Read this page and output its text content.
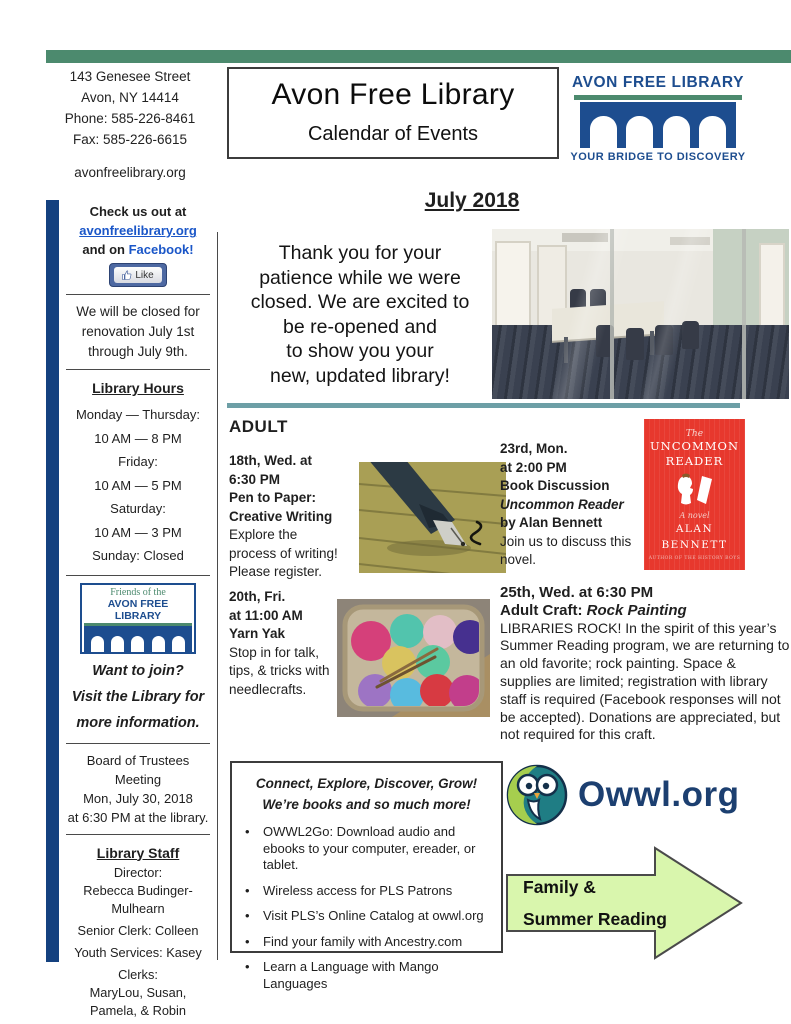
143 Genesee Street
Avon, NY 14414
Phone: 585-226-8461
Fax: 585-226-6615
avonfreelibrary.org
Avon Free Library
Calendar of Events
AVON FREE LIBRARY
YOUR BRIDGE TO DISCOVERY
Check us out at
avonfreelibrary.org
and on Facebook!
Like
We will be closed for
renovation July 1st
through July 9th.
Library Hours
Monday — Thursday:
10 AM — 8 PM
Friday:
10 AM — 5 PM
Saturday:
10 AM — 3 PM
Sunday: Closed
Friends of the
AVON FREE LIBRARY
Want to join?
Visit the Library for
more information.
Board of Trustees Meeting
Mon, July 30, 2018
at 6:30 PM at the library.
Library Staff
Director:
Rebecca Budinger-Mulhearn
Senior Clerk: Colleen
Youth Services: Kasey
Clerks:
MaryLou, Susan,
Pamela, & Robin
July 2018
Thank you for your
patience while we were
closed. We are excited to
be re-opened and
to show you your
new, updated library!
ADULT
18th, Wed. at
6:30 PM
Pen to Paper:
Creative Writing
Explore the
process of writing!
Please register.
23rd, Mon.
at 2:00 PM
Book Discussion
Uncommon Reader
by Alan Bennett
Join us to discuss this novel.
The
UNCOMMON
READER
A novel
ALAN
BENNETT
AUTHOR OF THE HISTORY BOYS
20th, Fri.
at 11:00 AM
Yarn Yak
Stop in for talk, tips, & tricks with needlecrafts.
25th, Wed. at 6:30 PM
Adult Craft: Rock Painting
LIBRARIES ROCK! In the spirit of this year’s Summer Reading program, we are returning to an old favorite; rock painting. Space & supplies are limited; registration with library staff is required (Facebook responses will not be accepted). Donations are appreciated, but not required for this craft.
Connect, Explore, Discover, Grow!
We’re books and so much more!
•	OWWL2Go: Download audio and ebooks to your computer, ereader, or tablet.
•	Wireless access for PLS Patrons
•	Visit PLS’s Online Catalog at owwl.org
•	Find your family with Ancestry.com
•	Learn a Language with Mango Languages
Owwl.org
Family &
Summer Reading
